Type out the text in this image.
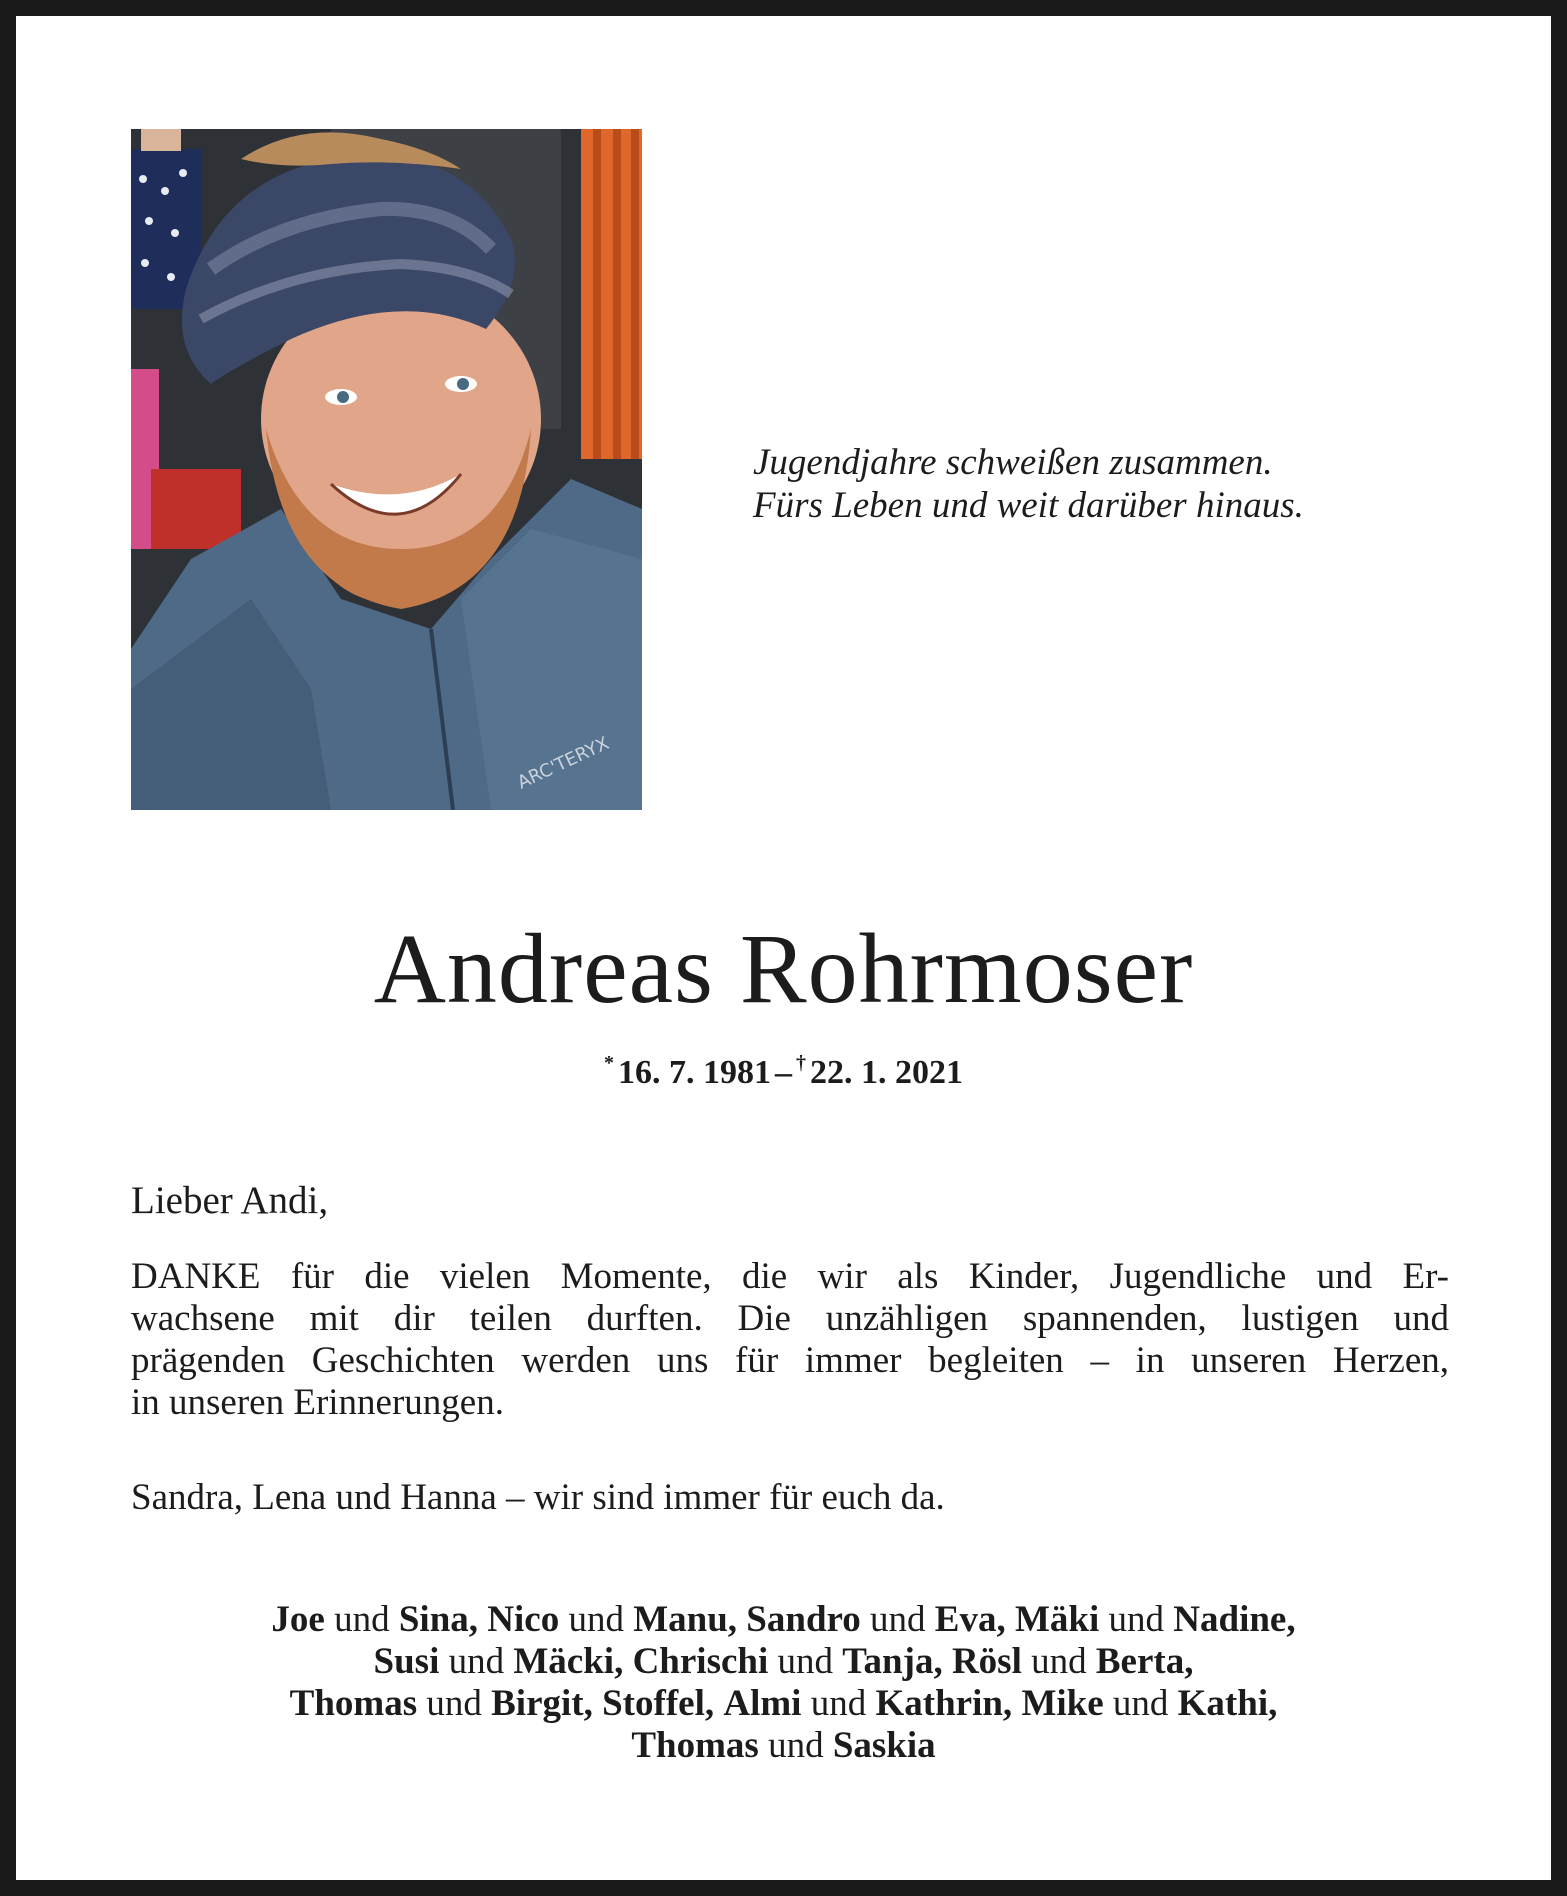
ARC'TERYX
Jugendjahre schweißen zusammen.
Fürs Leben und weit darüber hinaus.
Andreas Rohrmoser
* 16. 7. 1981 – † 22. 1. 2021
Lieber Andi,
DANKE für die vielen Momente, die wir als Kinder, Jugendliche und Er-
wachsene mit dir teilen durften. Die unzähligen spannenden, lustigen und
prägenden Geschichten werden uns für immer begleiten – in unseren Herzen,
in unseren Erinnerungen.
Sandra, Lena und Hanna – wir sind immer für euch da.
Joe und Sina, Nico und Manu, Sandro und Eva, Mäki und Nadine,
Susi und Mäcki, Chrischi und Tanja, Rösl und Berta,
Thomas und Birgit, Stoffel, Almi und Kathrin, Mike und Kathi,
Thomas und Saskia
